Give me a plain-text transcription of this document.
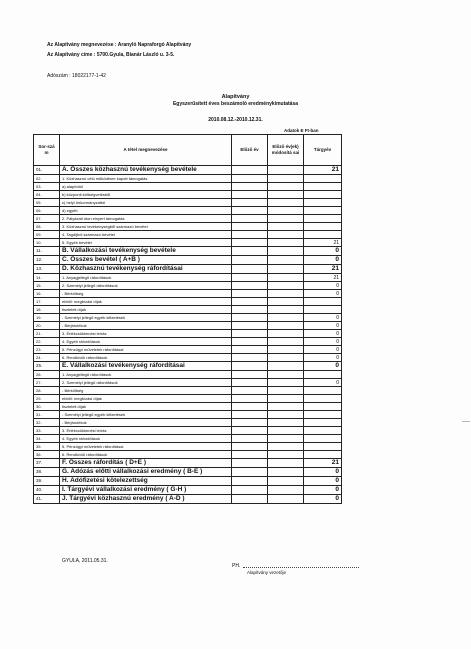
Az Alapítvány megnevezése : Aranyló Napraforgó Alapítvány
Az Alapítvány címe : 5700.Gyula, Bianár László u. 3-5.
Adószám : 18022177-1-42
Alapítvány
Egyszerűsített éves beszámoló eredménykimutatása
2010.08.12.-2010.12.31.
Adatok E Ft-ban
Sor-szá m	A tétel megnevezése	Előző év	Előző év(ek) módosítá sai	Tárgyév
01.	A. Összes közhasznú tevékenység bevétele			21
02.	1. Közhasznú célú működésre kapott támogatás			
03.	a) alapítótól			
04.	b) központi költségvetésből			
05.	c) helyi önkormányzattól			
06.	d) egyéb			
07.	2. Pályázati úton elnyert támogatás			
08.	3. Közhasznú tevékenységből származó bevétel			
09.	4. Tagdíjból származó bevétel			
10.	5. Egyéb bevétel			21
11.	B. Vállalkozási tevékenység bevétele			0
12.	C. Összes bevétel ( A+B )			0
13.	D. Közhasznú tevékenység ráfordításai			21
14.	1. Anyagjellegű ráfordítások			21
15.	2. Személyi jellegű ráfordítások			0
16.	- Bérköltség			0
17.	ebből: megbízási díjak			
18.	tiszteleti díjak			
19.	- Személyi jellegű egyéb kifizetések			0
20.	- Bérjárulékok			0
21.	3. Értékcsökkenési leírás			0
22.	4. Egyéb ráfordítások			0
23.	5. Pénzügyi műveletek ráfordításai			0
24.	6. Rendkívüli ráfordítások			0
25.	E. Vállalkozási tevékenység ráfordításai			0
26.	1. Anyagjellegű ráfordítások			
27.	2. Személyi jellegű ráfordítások			0
28.	- Bérköltség			
29.	ebből: megbízási díjak			
30.	tiszteleti díjak			
31.	- Személyi jellegű egyéb kifizetések			
32.	- Bérjárulékok			
33.	3. Értékcsökkenési leírás			
34.	4. Egyéb ráfordítások			
35.	5. Pénzügyi műveletek ráfordításai			
36.	6. Rendkívüli ráfordítások			
37.	F. Összes ráfordítás ( D+E )			21
38.	G. Adózás előtti vállalkozási eredmény ( B-E )			0
39.	H. Adófizetési kötelezettség			0
40.	I. Tárgyévi vállalkozási eredmény ( G-H )			0
41.	J. Tárgyévi közhasznú eredmény ( A-D )			0
GYULA, 2011.05.31.
PH.
Alapítvány vezetője
